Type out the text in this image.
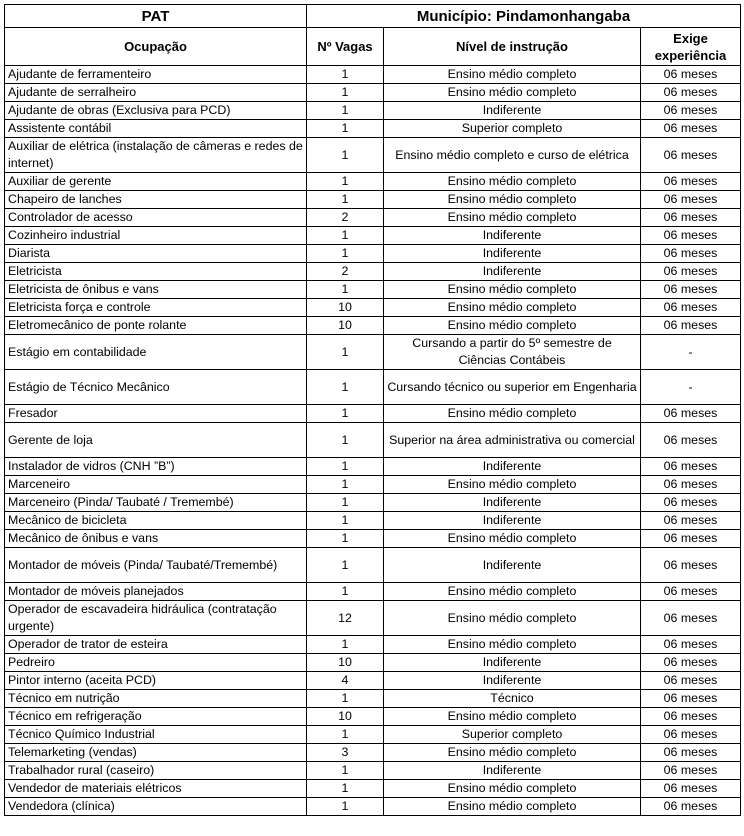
PAT	Município: Pindamonhangaba		
Ocupação	Nº Vagas	Nível de instrução	Exige experiência
Ajudante de ferramenteiro	1	Ensino médio completo	06 meses
Ajudante de serralheiro	1	Ensino médio completo	06 meses
Ajudante de obras (Exclusiva para PCD)	1	Indiferente	06 meses
Assistente contábil	1	Superior completo	06 meses
Auxiliar de elétrica (instalação de câmeras e redes de internet)	1	Ensino médio completo e curso de elétrica	06 meses
Auxiliar de gerente	1	Ensino médio completo	06 meses
Chapeiro de lanches	1	Ensino médio completo	06 meses
Controlador de acesso	2	Ensino médio completo	06 meses
Cozinheiro industrial	1	Indiferente	06 meses
Diarista	1	Indiferente	06 meses
Eletricista	2	Indiferente	06 meses
Eletricista de ônibus e vans	1	Ensino médio completo	06 meses
Eletricista força e controle	10	Ensino médio completo	06 meses
Eletromecânico de ponte rolante	10	Ensino médio completo	06 meses
Estágio em contabilidade	1	Cursando a partir do 5º semestre de Ciências Contábeis	-
Estágio de Técnico Mecânico	1	Cursando técnico ou superior em Engenharia	-
Fresador	1	Ensino médio completo	06 meses
Gerente de loja	1	Superior na área administrativa ou comercial	06 meses
Instalador de vidros (CNH ”B”)	1	Indiferente	06 meses
Marceneiro	1	Ensino médio completo	06 meses
Marceneiro (Pinda/ Taubaté / Tremembé)	1	Indiferente	06 meses
Mecânico de bicicleta	1	Indiferente	06 meses
Mecânico de ônibus e vans	1	Ensino médio completo	06 meses
Montador de móveis (Pinda/ Taubaté/Tremembé)	1	Indiferente	06 meses
Montador de móveis planejados	1	Ensino médio completo	06 meses
Operador de escavadeira hidráulica (contratação urgente)	12	Ensino médio completo	06 meses
Operador de trator de esteira	1	Ensino médio completo	06 meses
Pedreiro	10	Indiferente	06 meses
Pintor interno (aceita PCD)	4	Indiferente	06 meses
Técnico em nutrição	1	Técnico	06 meses
Técnico em refrigeração	10	Ensino médio completo	06 meses
Técnico Químico Industrial	1	Superior completo	06 meses
Telemarketing (vendas)	3	Ensino médio completo	06 meses
Trabalhador rural (caseiro)	1	Indiferente	06 meses
Vendedor de materiais elétricos	1	Ensino médio completo	06 meses
Vendedora (clínica)	1	Ensino médio completo	06 meses
